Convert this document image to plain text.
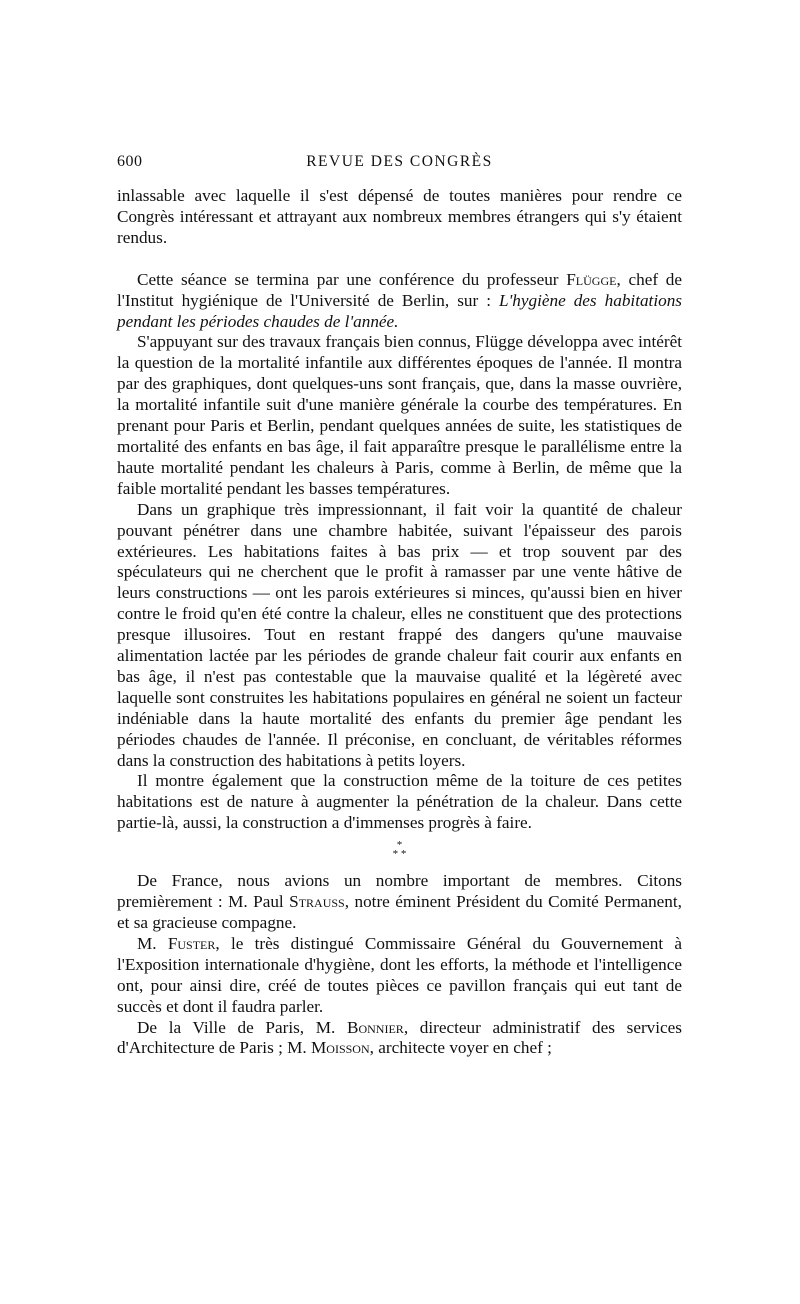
600	REVUE DES CONGRÈS

inlassable avec laquelle il s'est dépensé de toutes manières pour rendre ce Congrès intéressant et attrayant aux nombreux membres étrangers qui s'y étaient rendus.

Cette séance se termina par une conférence du professeur Flügge, chef de l'Institut hygiénique de l'Université de Berlin, sur : L'hygiène des habitations pendant les périodes chaudes de l'année.

S'appuyant sur des travaux français bien connus, Flügge développa avec intérêt la question de la mortalité infantile aux différentes époques de l'année. Il montra par des graphiques, dont quelques-uns sont français, que, dans la masse ouvrière, la mortalité infantile suit d'une manière générale la courbe des températures. En prenant pour Paris et Berlin, pendant quelques années de suite, les statistiques de mortalité des enfants en bas âge, il fait apparaître presque le parallélisme entre la haute mortalité pendant les chaleurs à Paris, comme à Berlin, de même que la faible mortalité pendant les basses températures.

Dans un graphique très impressionnant, il fait voir la quantité de chaleur pouvant pénétrer dans une chambre habitée, suivant l'épaisseur des parois extérieures. Les habitations faites à bas prix — et trop souvent par des spéculateurs qui ne cherchent que le profit à ramasser par une vente hâtive de leurs constructions — ont les parois extérieures si minces, qu'aussi bien en hiver contre le froid qu'en été contre la chaleur, elles ne constituent que des protections presque illusoires. Tout en restant frappé des dangers qu'une mauvaise alimentation lactée par les périodes de grande chaleur fait courir aux enfants en bas âge, il n'est pas contestable que la mauvaise qualité et la légèreté avec laquelle sont construites les habitations populaires en général ne soient un facteur indéniable dans la haute mortalité des enfants du premier âge pendant les périodes chaudes de l'année. Il préconise, en concluant, de véritables réformes dans la construction des habitations à petits loyers.

Il montre également que la construction même de la toiture de ces petites habitations est de nature à augmenter la pénétration de la chaleur. Dans cette partie-là, aussi, la construction a d'immenses progrès à faire.

*
* *

De France, nous avions un nombre important de membres. Citons premièrement : M. Paul Strauss, notre éminent Président du Comité Permanent, et sa gracieuse compagne.

M. Fuster, le très distingué Commissaire Général du Gouvernement à l'Exposition internationale d'hygiène, dont les efforts, la méthode et l'intelligence ont, pour ainsi dire, créé de toutes pièces ce pavillon français qui eut tant de succès et dont il faudra parler.

De la Ville de Paris, M. Bonnier, directeur administratif des services d'Architecture de Paris ; M. Moisson, architecte voyer en chef ;
